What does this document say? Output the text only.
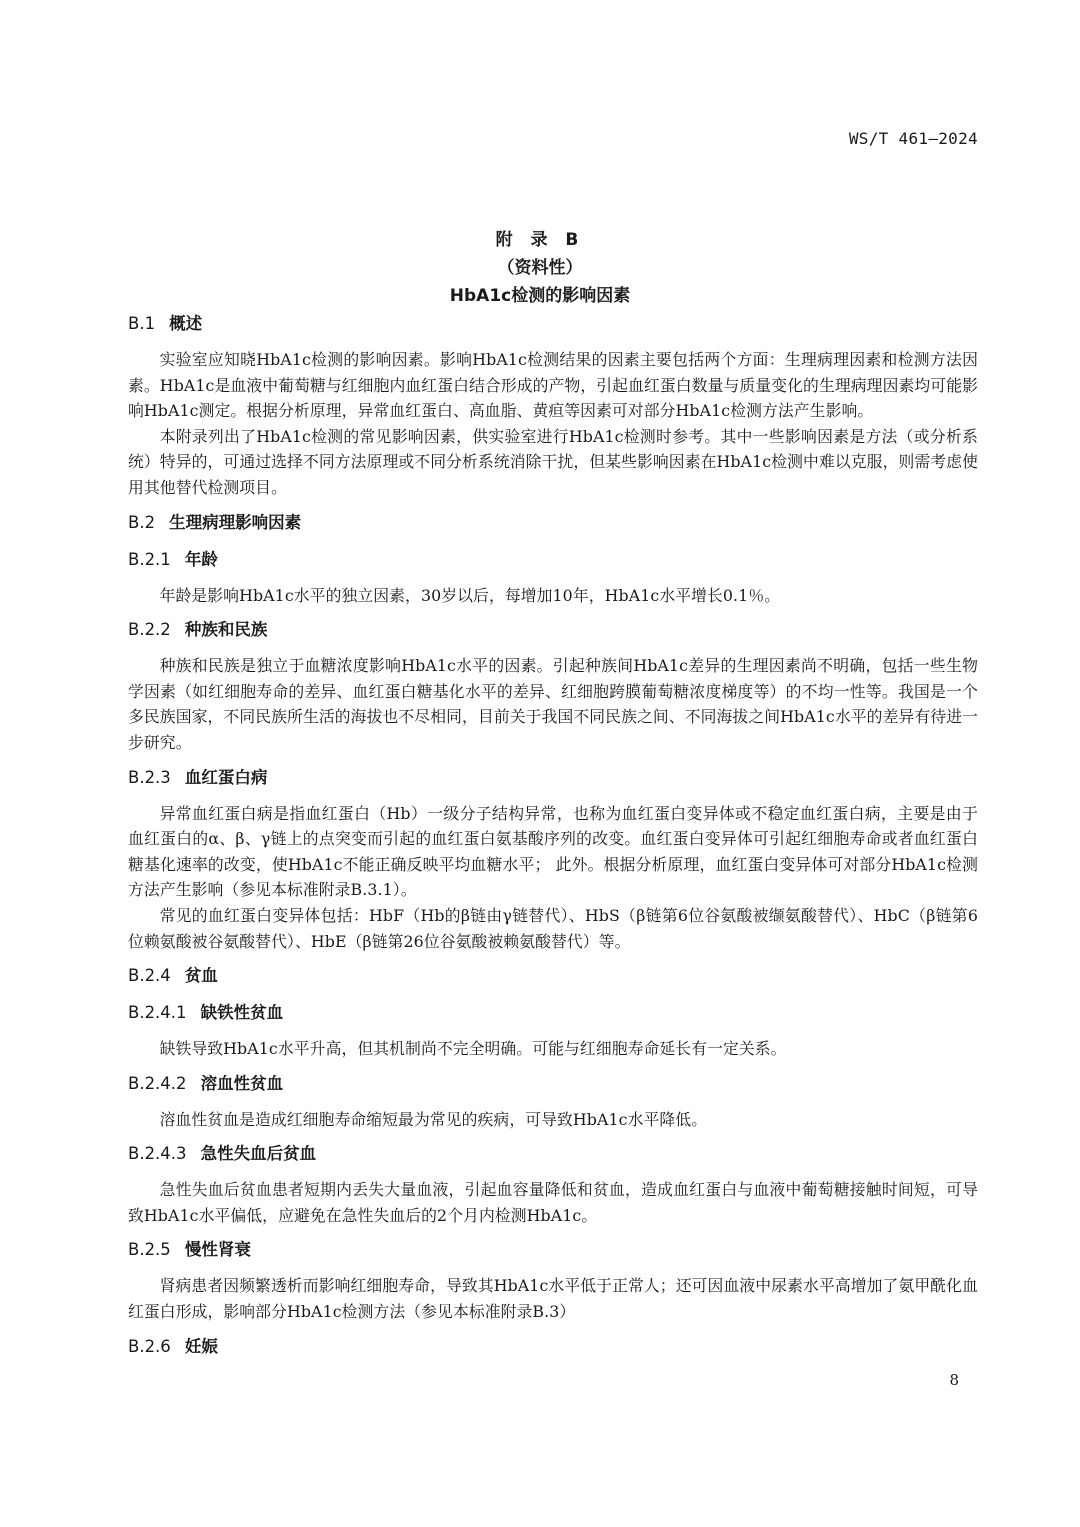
WS/T 461—2024
附 录 B
（资料性）
HbA1c检测的影响因素
B.1 概述

实验室应知晓HbA1c检测的影响因素。影响HbA1c检测结果的因素主要包括两个方面：生理病理因素和检测方法因素。HbA1c是血液中葡萄糖与红细胞内血红蛋白结合形成的产物，引起血红蛋白数量与质量变化的生理病理因素均可能影响HbA1c测定。根据分析原理，异常血红蛋白、高血脂、黄疸等因素可对部分HbA1c检测方法产生影响。

本附录列出了HbA1c检测的常见影响因素，供实验室进行HbA1c检测时参考。其中一些影响因素是方法（或分析系统）特异的，可通过选择不同方法原理或不同分析系统消除干扰，但某些影响因素在HbA1c检测中难以克服，则需考虑使用其他替代检测项目。

B.2 生理病理影响因素
B.2.1 年龄

年龄是影响HbA1c水平的独立因素，30岁以后，每增加10年，HbA1c水平增长0.1％。

B.2.2 种族和民族

种族和民族是独立于血糖浓度影响HbA1c水平的因素。引起种族间HbA1c差异的生理因素尚不明确，包括一些生物学因素（如红细胞寿命的差异、血红蛋白糖基化水平的差异、红细胞跨膜葡萄糖浓度梯度等）的不均一性等。我国是一个多民族国家，不同民族所生活的海拔也不尽相同，目前关于我国不同民族之间、不同海拔之间HbA1c水平的差异有待进一步研究。

B.2.3 血红蛋白病

异常血红蛋白病是指血红蛋白（Hb）一级分子结构异常，也称为血红蛋白变异体或不稳定血红蛋白病，主要是由于血红蛋白的α、β、γ链上的点突变而引起的血红蛋白氨基酸序列的改变。血红蛋白变异体可引起红细胞寿命或者血红蛋白糖基化速率的改变，使HbA1c不能正确反映平均血糖水平； 此外。根据分析原理，血红蛋白变异体可对部分HbA1c检测方法产生影响（参见本标准附录B.3.1）。

常见的血红蛋白变异体包括：HbF（Hb的β链由γ链替代）、HbS（β链第6位谷氨酸被缬氨酸替代）、HbC（β链第6位赖氨酸被谷氨酸替代）、HbE（β链第26位谷氨酸被赖氨酸替代）等。

B.2.4 贫血
B.2.4.1 缺铁性贫血

缺铁导致HbA1c水平升高，但其机制尚不完全明确。可能与红细胞寿命延长有一定关系。

B.2.4.2 溶血性贫血

溶血性贫血是造成红细胞寿命缩短最为常见的疾病，可导致HbA1c水平降低。

B.2.4.3 急性失血后贫血

急性失血后贫血患者短期内丢失大量血液，引起血容量降低和贫血，造成血红蛋白与血液中葡萄糖接触时间短，可导致HbA1c水平偏低，应避免在急性失血后的2个月内检测HbA1c。

B.2.5 慢性肾衰

肾病患者因频繁透析而影响红细胞寿命，导致其HbA1c水平低于正常人；还可因血液中尿素水平高增加了氨甲酰化血红蛋白形成，影响部分HbA1c检测方法（参见本标准附录B.3）

B.2.6 妊娠
8
